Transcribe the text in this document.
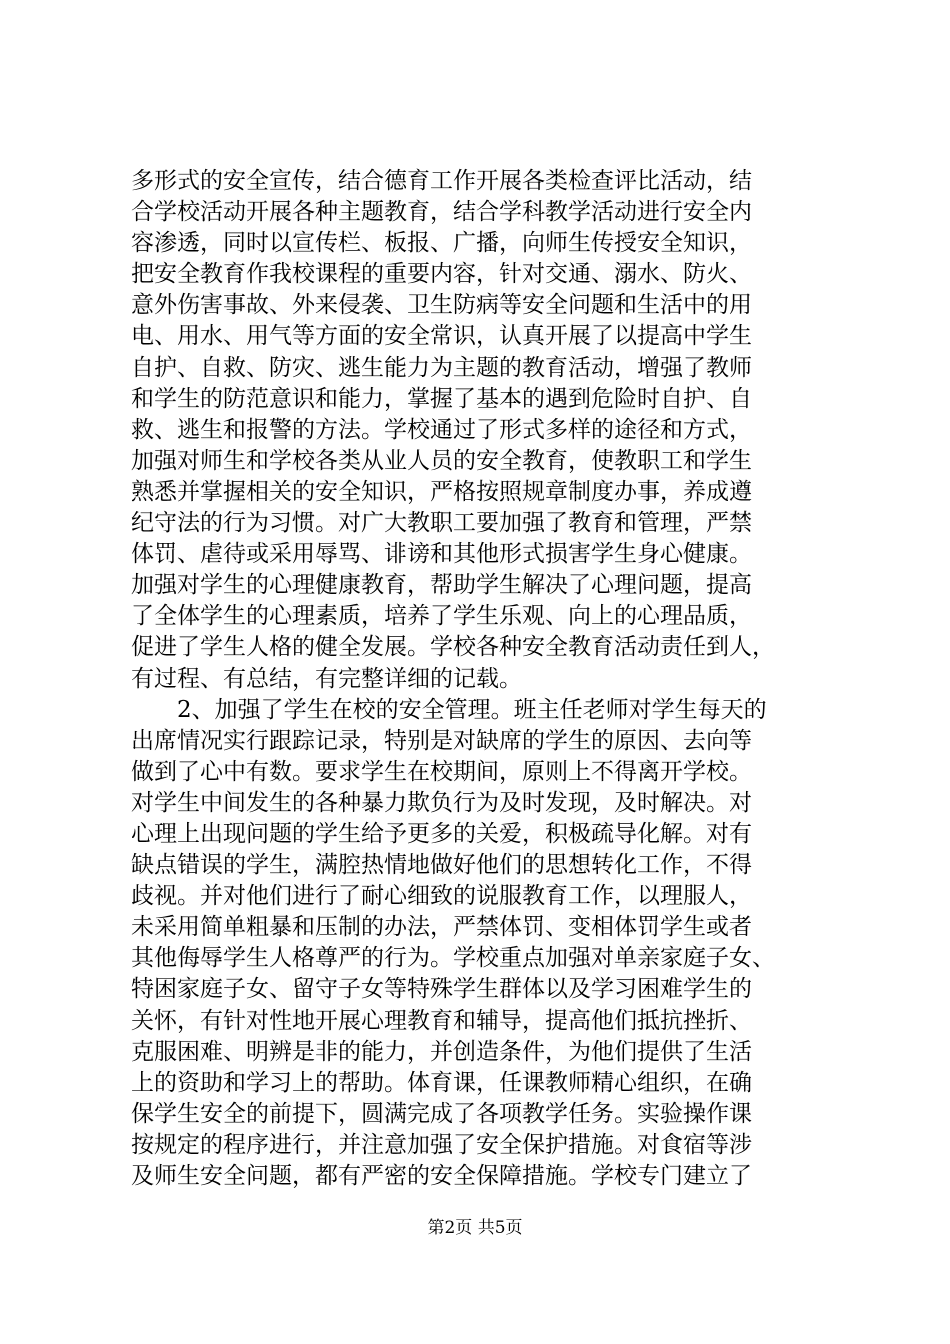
多形式的安全宣传，结合德育工作开展各类检查评比活动，结
合学校活动开展各种主题教育，结合学科教学活动进行安全内
容渗透，同时以宣传栏、板报、广播，向师生传授安全知识，
把安全教育作我校课程的重要内容，针对交通、溺水、防火、
意外伤害事故、外来侵袭、卫生防病等安全问题和生活中的用
电、用水、用气等方面的安全常识，认真开展了以提高中学生
自护、自救、防灾、逃生能力为主题的教育活动，增强了教师
和学生的防范意识和能力，掌握了基本的遇到危险时自护、自
救、逃生和报警的方法。学校通过了形式多样的途径和方式，
加强对师生和学校各类从业人员的安全教育，使教职工和学生
熟悉并掌握相关的安全知识，严格按照规章制度办事，养成遵
纪守法的行为习惯。对广大教职工要加强了教育和管理，严禁
体罚、虐待或采用辱骂、诽谤和其他形式损害学生身心健康。
加强对学生的心理健康教育，帮助学生解决了心理问题，提高
了全体学生的心理素质，培养了学生乐观、向上的心理品质，
促进了学生人格的健全发展。学校各种安全教育活动责任到人，
有过程、有总结，有完整详细的记载。
　　2、加强了学生在校的安全管理。班主任老师对学生每天的
出席情况实行跟踪记录，特别是对缺席的学生的原因、去向等
做到了心中有数。要求学生在校期间，原则上不得离开学校。
对学生中间发生的各种暴力欺负行为及时发现，及时解决。对
心理上出现问题的学生给予更多的关爱，积极疏导化解。对有
缺点错误的学生，满腔热情地做好他们的思想转化工作，不得
歧视。并对他们进行了耐心细致的说服教育工作，以理服人，
未采用简单粗暴和压制的办法，严禁体罚、变相体罚学生或者
其他侮辱学生人格尊严的行为。学校重点加强对单亲家庭子女、
特困家庭子女、留守子女等特殊学生群体以及学习困难学生的
关怀，有针对性地开展心理教育和辅导，提高他们抵抗挫折、
克服困难、明辨是非的能力，并创造条件，为他们提供了生活
上的资助和学习上的帮助。体育课，任课教师精心组织，在确
保学生安全的前提下，圆满完成了各项教学任务。实验操作课
按规定的程序进行，并注意加强了安全保护措施。对食宿等涉
及师生安全问题，都有严密的安全保障措施。学校专门建立了
第2页 共5页
